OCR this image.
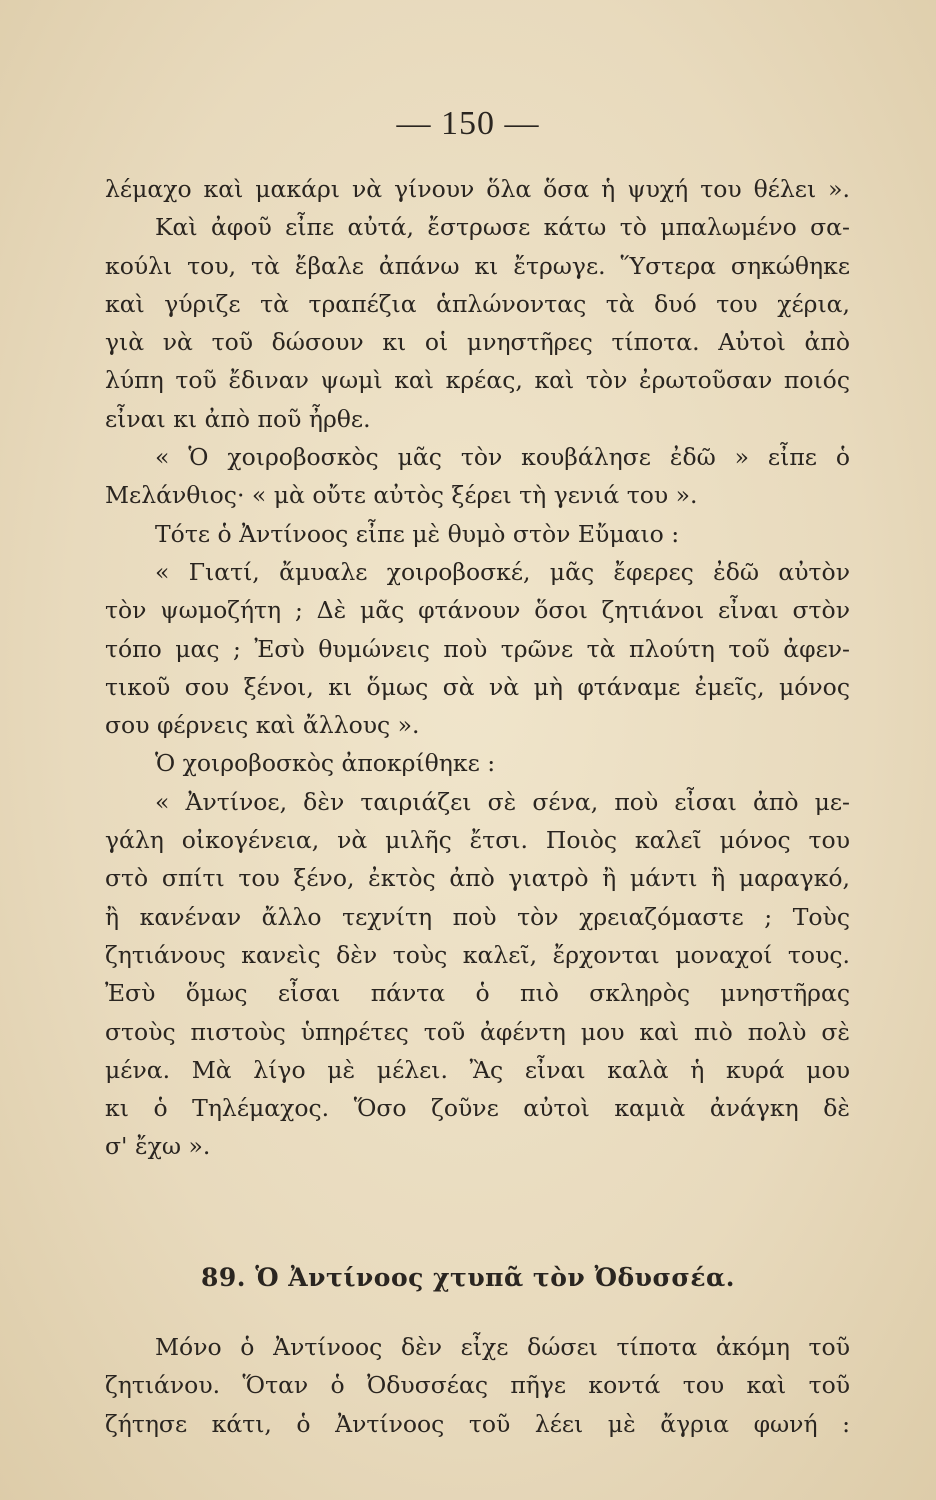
— 150 —
λέμαχο καὶ μακάρι νὰ γίνουν ὅλα ὅσα ἡ ψυχή του θέλει ».
Καὶ ἀφοῦ εἶπε αὐτά, ἔστρωσε κάτω τὸ μπαλωμένο σα-
κούλι του, τὰ ἔβαλε ἀπάνω κι ἔτρωγε. Ὕστερα σηκώθηκε
καὶ γύριζε τὰ τραπέζια ἁπλώνοντας τὰ δυό του χέρια,
γιὰ νὰ τοῦ δώσουν κι οἱ μνηστῆρες τίποτα. Αὐτοὶ ἀπὸ
λύπη τοῦ ἔδιναν ψωμὶ καὶ κρέας, καὶ τὸν ἐρωτοῦσαν ποιός
εἶναι κι ἀπὸ ποῦ ἦρθε.
« Ὁ χοιροβοσκὸς μᾶς τὸν κουβάλησε ἐδῶ » εἶπε ὁ
Μελάνθιος· « μὰ οὔτε αὐτὸς ξέρει τὴ γενιά του ».
Τότε ὁ Ἀντίνοος εἶπε μὲ θυμὸ στὸν Εὔμαιο :
« Γιατί, ἄμυαλε χοιροβοσκέ, μᾶς ἔφερες ἐδῶ αὐτὸν
τὸν ψωμοζήτη ; Δὲ μᾶς φτάνουν ὅσοι ζητιάνοι εἶναι στὸν
τόπο μας ; Ἐσὺ θυμώνεις ποὺ τρῶνε τὰ πλούτη τοῦ ἀφεν-
τικοῦ σου ξένοι, κι ὅμως σὰ νὰ μὴ φτάναμε ἐμεῖς, μόνος
σου φέρνεις καὶ ἄλλους ».
Ὁ χοιροβοσκὸς ἀποκρίθηκε :
« Ἀντίνοε, δὲν ταιριάζει σὲ σένα, ποὺ εἶσαι ἀπὸ με-
γάλη οἰκογένεια, νὰ μιλῆς ἔτσι. Ποιὸς καλεῖ μόνος του
στὸ σπίτι του ξένο, ἐκτὸς ἀπὸ γιατρὸ ἢ μάντι ἢ μαραγκό,
ἢ κανέναν ἄλλο τεχνίτη ποὺ τὸν χρειαζόμαστε ; Τοὺς
ζητιάνους κανεὶς δὲν τοὺς καλεῖ, ἔρχονται μοναχοί τους.
Ἐσὺ ὅμως εἶσαι πάντα ὁ πιὸ σκληρὸς μνηστῆρας
στοὺς πιστοὺς ὑπηρέτες τοῦ ἀφέντη μου καὶ πιὸ πολὺ σὲ
μένα. Μὰ λίγο μὲ μέλει. Ἂς εἶναι καλὰ ἡ κυρά μου
κι ὁ Τηλέμαχος. Ὅσο ζοῦνε αὐτοὶ καμιὰ ἀνάγκη δὲ
σ' ἔχω ».
89. Ὁ Ἀντίνοος χτυπᾶ τὸν Ὀδυσσέα.
Μόνο ὁ Ἀντίνοος δὲν εἶχε δώσει τίποτα ἀκόμη τοῦ
ζητιάνου. Ὅταν ὁ Ὀδυσσέας πῆγε κοντά του καὶ τοῦ
ζήτησε κάτι, ὁ Ἀντίνοος τοῦ λέει μὲ ἄγρια φωνή :
